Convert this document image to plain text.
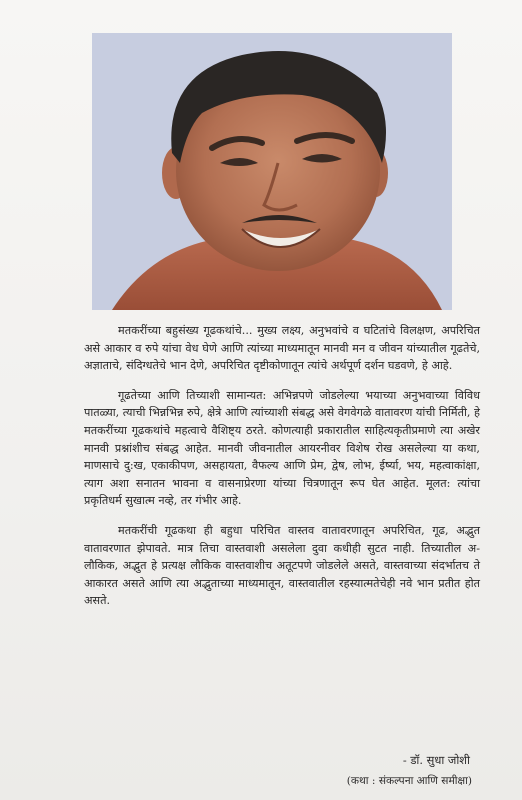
मतकरींच्या बहुसंख्य गूढकथांचे... मुख्य लक्ष्य, अनुभवांचे व घटितांचे विलक्षण, अपरिचित असे आकार व रुपे यांचा वेध घेणे आणि त्यांच्या माध्यमातून मानवी मन व जीवन यांच्यातील गूढतेचे, अज्ञाताचे, संदिग्धतेचे भान देणे, अपरिचित दृष्टीकोणातून त्यांचे अर्थपूर्ण दर्शन घडवणे, हे आहे.

गूढतेच्या आणि तिच्याशी सामान्यत: अभिन्नपणे जोडलेल्या भयाच्या अनुभवाच्या विविध पातळ्या, त्याची भिन्नभिन्न रुपे, क्षेत्रे आणि त्यांच्याशी संबद्ध असे वेगवेगळे वातावरण यांची निर्मिती, हे मतकरींच्या गूढकथांचे महत्वाचे वैशिष्ट्य ठरते. कोणत्याही प्रकारातील साहित्यकृतीप्रमाणे त्या अखेर मानवी प्रश्नांशीच संबद्ध आहेत. मानवी जीवनातील आयरनीवर विशेष रोख असलेल्या या कथा, माणसाचे दु:ख, एकाकीपण, असहायता, वैफल्य आणि प्रेम, द्वेष, लोभ, ईर्ष्या, भय, महत्वाकांक्षा, त्याग अशा सनातन भावना व वासनाप्रेरणा यांच्या चित्रणातून रूप घेत आहेत. मूलत: त्यांचा प्रकृतिधर्म सुखात्म नव्हे, तर गंभीर आहे.

मतकरींची गूढकथा ही बहुधा परिचित वास्तव वातावरणातून अपरिचित, गूढ, अद्भुत वातावरणात झेपावते. मात्र तिचा वास्तवाशी असलेला दुवा कधीही सुटत नाही. तिच्यातील अ-लौकिक, अद्भुत हे प्रत्यक्ष लौकिक वास्तवाशीच अतूटपणे जोडलेले असते, वास्तवाच्या संदर्भातच ते आकारत असते आणि त्या अद्भुताच्या माध्यमातून, वास्तवातील रहस्यात्मतेचेही नवे भान प्रतीत होत असते.

- डॉ. सुधा जोशी
(कथा : संकल्पना आणि समीक्षा)
